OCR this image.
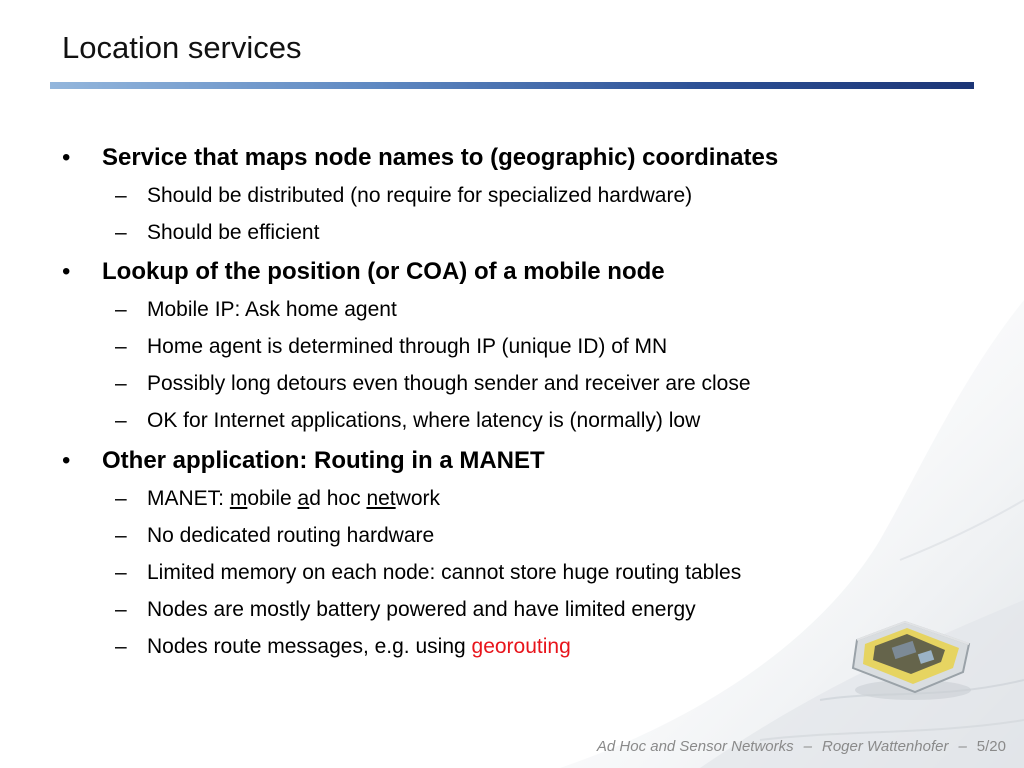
Location services
• Service that maps node names to (geographic) coordinates
– Should be distributed (no require for specialized hardware)
– Should be efficient
• Lookup of the position (or COA) of a mobile node
– Mobile IP: Ask home agent
– Home agent is determined through IP (unique ID) of MN
– Possibly long detours even though sender and receiver are close
– OK for Internet applications, where latency is (normally) low
• Other application: Routing in a MANET
– MANET: mobile ad hoc network
– No dedicated routing hardware
– Limited memory on each node: cannot store huge routing tables
– Nodes are mostly battery powered and have limited energy
– Nodes route messages, e.g. using georouting
Ad Hoc and Sensor Networks – Roger Wattenhofer – 5/20
